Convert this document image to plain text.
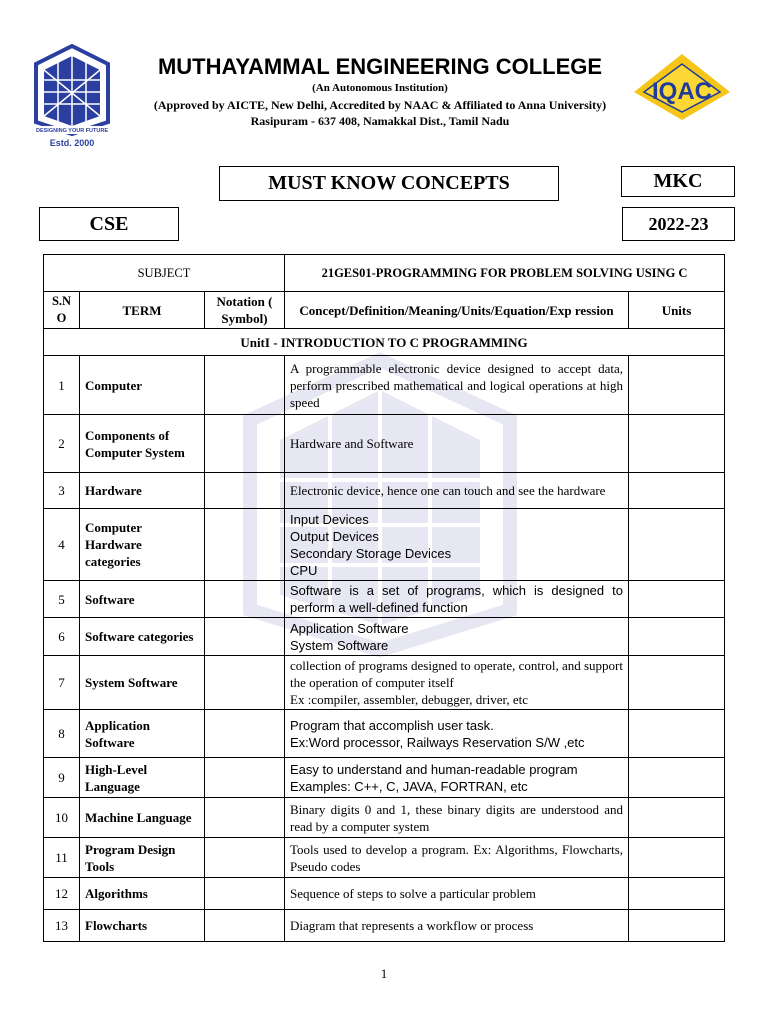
DESIGNING YOUR FUTURE
Estd. 2000
IQAC
MUTHAYAMMAL ENGINEERING COLLEGE
(An Autonomous Institution)
(Approved by AICTE, New Delhi, Accredited by NAAC & Affiliated to Anna University)
Rasipuram - 637 408, Namakkal Dist., Tamil Nadu
MUST KNOW CONCEPTS	MKC
CSE	2022-23
SUBJECT			21GES01-PROGRAMMING FOR PROBLEM SOLVING USING C	
S.N O	TERM	Notation ( Symbol)	Concept/Definition/Meaning/Units/Equation/Exp ression	Units
UnitI - INTRODUCTION TO C PROGRAMMING				
1	Computer		A programmable electronic device designed to accept data, perform prescribed mathematical and logical operations at high speed	

2	Components of Computer System		Hardware and Software	

3	Hardware		Electronic device, hence one can touch and see the hardware	

4	Computer Hardware categories		Input Devices
Output Devices
Secondary Storage Devices
CPU	

5	Software		Software is a set of programs, which is designed to perform a well-defined function	

6	Software categories		Application Software
System Software	

7	System Software		collection of programs designed to operate, control, and support the operation of computer itself
Ex :compiler, assembler, debugger, driver, etc	

8	Application Software		Program that accomplish user task.
Ex:Word processor, Railways Reservation S/W ,etc	

9	High-Level Language		Easy to understand and human-readable program
Examples: C++, C, JAVA, FORTRAN, etc	

10	Machine Language		Binary digits 0 and 1, these binary digits are understood and read by a computer system	

11	Program Design Tools		Tools used to develop a program. Ex: Algorithms, Flowcharts, Pseudo codes	

12	Algorithms		Sequence of steps to solve a particular problem	

13	Flowcharts		Diagram that represents a workflow or process	

1
